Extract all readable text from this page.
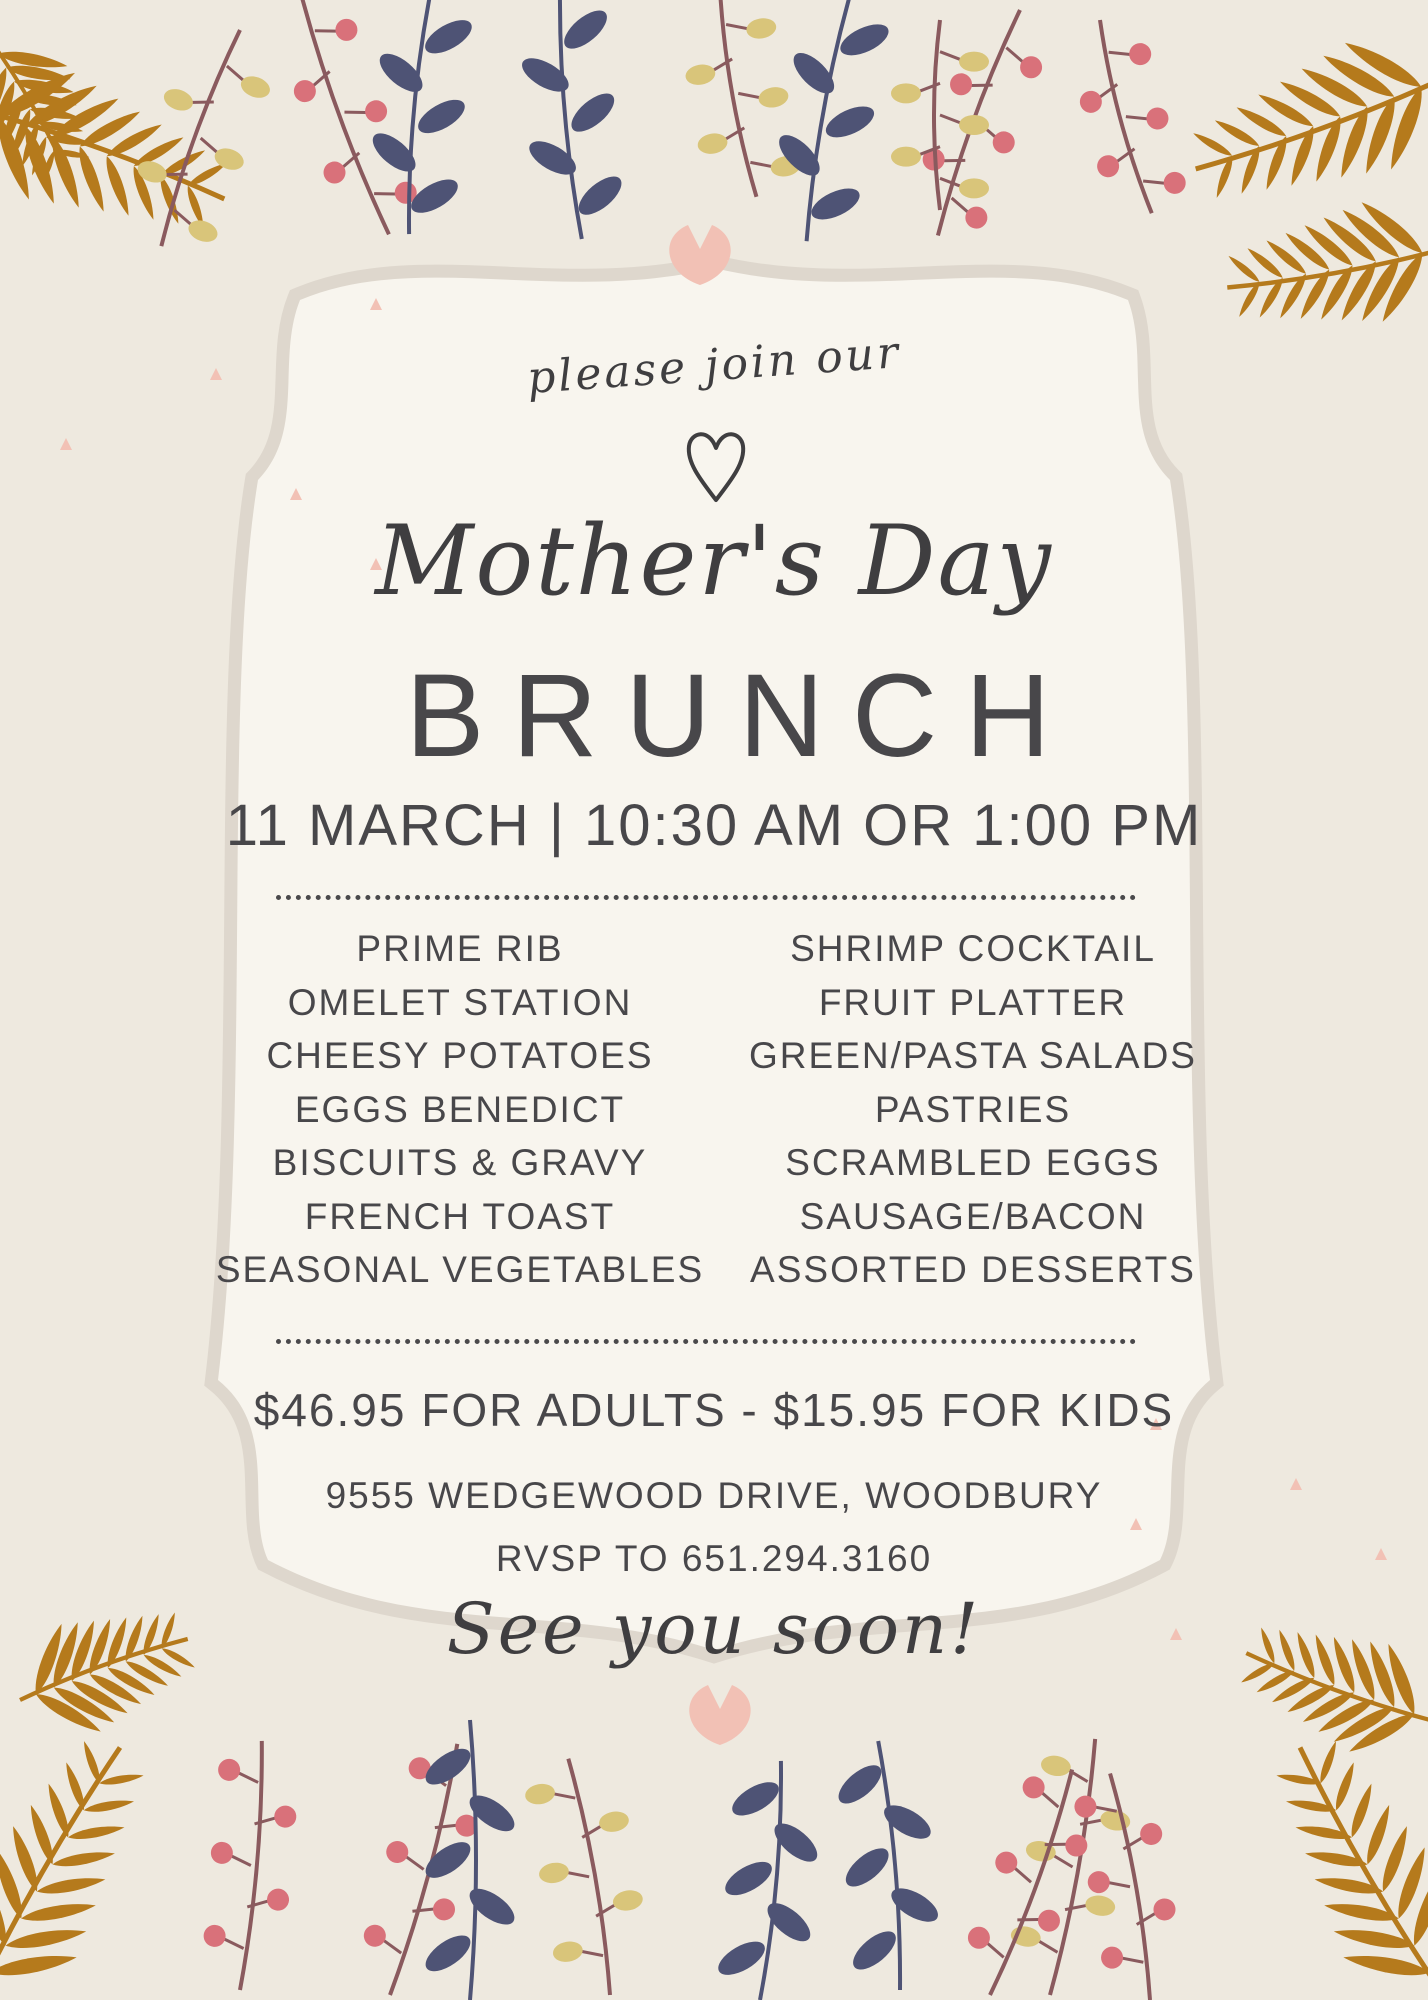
please join our
Mother's Day
BRUNCH
11 MARCH | 10:30 AM OR 1:00 PM
PRIME RIB
OMELET STATION
CHEESY POTATOES
EGGS BENEDICT
BISCUITS & GRAVY
FRENCH TOAST
SEASONAL VEGETABLES
SHRIMP COCKTAIL
FRUIT PLATTER
GREEN/PASTA SALADS
PASTRIES
SCRAMBLED EGGS
SAUSAGE/BACON
ASSORTED DESSERTS
$46.95 FOR ADULTS - $15.95 FOR KIDS
9555 WEDGEWOOD DRIVE, WOODBURY
RVSP TO 651.294.3160
See you soon!
